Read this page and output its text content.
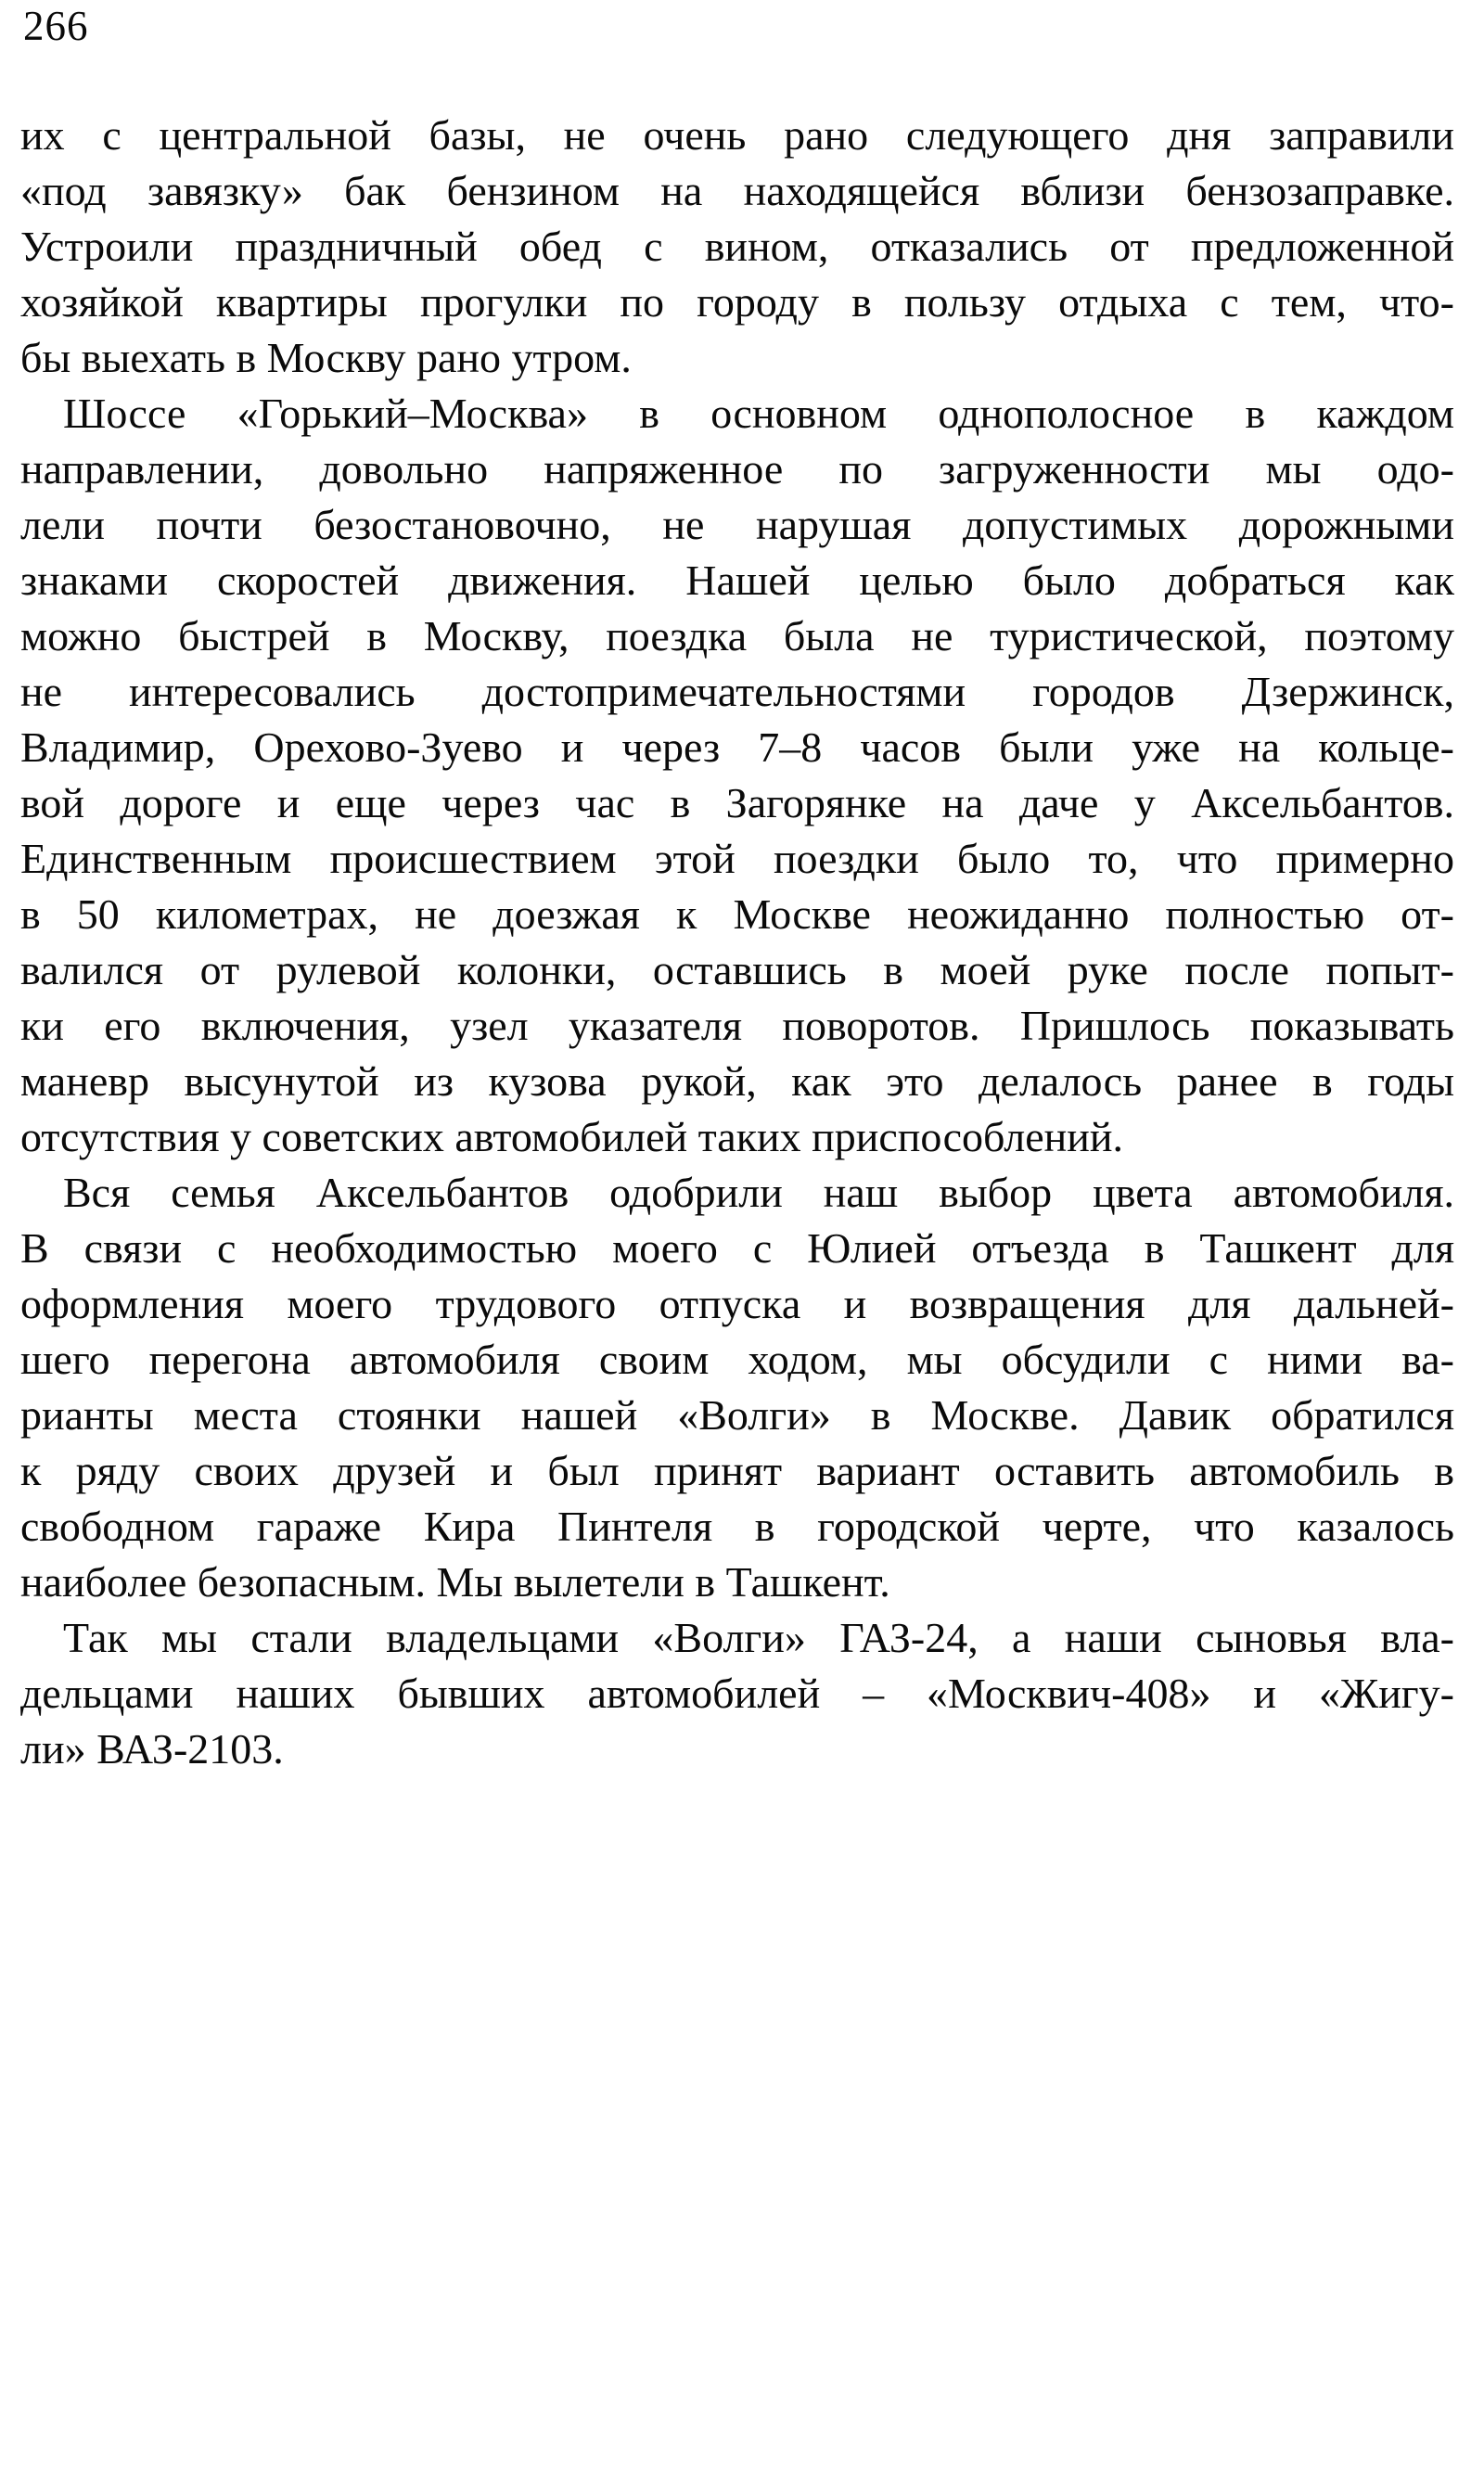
266
их с центральной базы, не очень рано следующего дня заправили
«под завязку» бак бензином на находящейся вблизи бензозаправке.
Устроили праздничный обед с вином, отказались от предложенной
хозяйкой квартиры прогулки по городу в пользу отдыха с тем, что-
бы выехать в Москву рано утром.
Шоссе «Горький–Москва» в основном однополосное в каждом
направлении, довольно напряженное по загруженности мы одо-
лели почти безостановочно, не нарушая допустимых дорожными
знаками скоростей движения. Нашей целью было добраться как
можно быстрей в Москву, поездка была не туристической, поэтому
не интересовались достопримечательностями городов Дзержинск,
Владимир, Орехово-Зуево и через 7–8 часов были уже на кольце-
вой дороге и еще через час в Загорянке на даче у Аксельбантов.
Единственным происшествием этой поездки было то, что примерно
в 50 километрах, не доезжая к Москве неожиданно полностью от-
валился от рулевой колонки, оставшись в моей руке после попыт-
ки его включения, узел указателя поворотов. Пришлось показывать
маневр высунутой из кузова рукой, как это делалось ранее в годы
отсутствия у советских автомобилей таких приспособлений.
Вся семья Аксельбантов одобрили наш выбор цвета автомобиля.
В связи с необходимостью моего с Юлией отъезда в Ташкент для
оформления моего трудового отпуска и возвращения для дальней-
шего перегона автомобиля своим ходом, мы обсудили с ними ва-
рианты места стоянки нашей «Волги» в Москве. Давик обратился
к ряду своих друзей и был принят вариант оставить автомобиль в
свободном гараже Кира Пинтеля в городской черте, что казалось
наиболее безопасным. Мы вылетели в Ташкент.
Так мы стали владельцами «Волги» ГАЗ-24, а наши сыновья вла-
дельцами наших бывших автомобилей – «Москвич-408» и «Жигу-
ли» ВАЗ-2103.
